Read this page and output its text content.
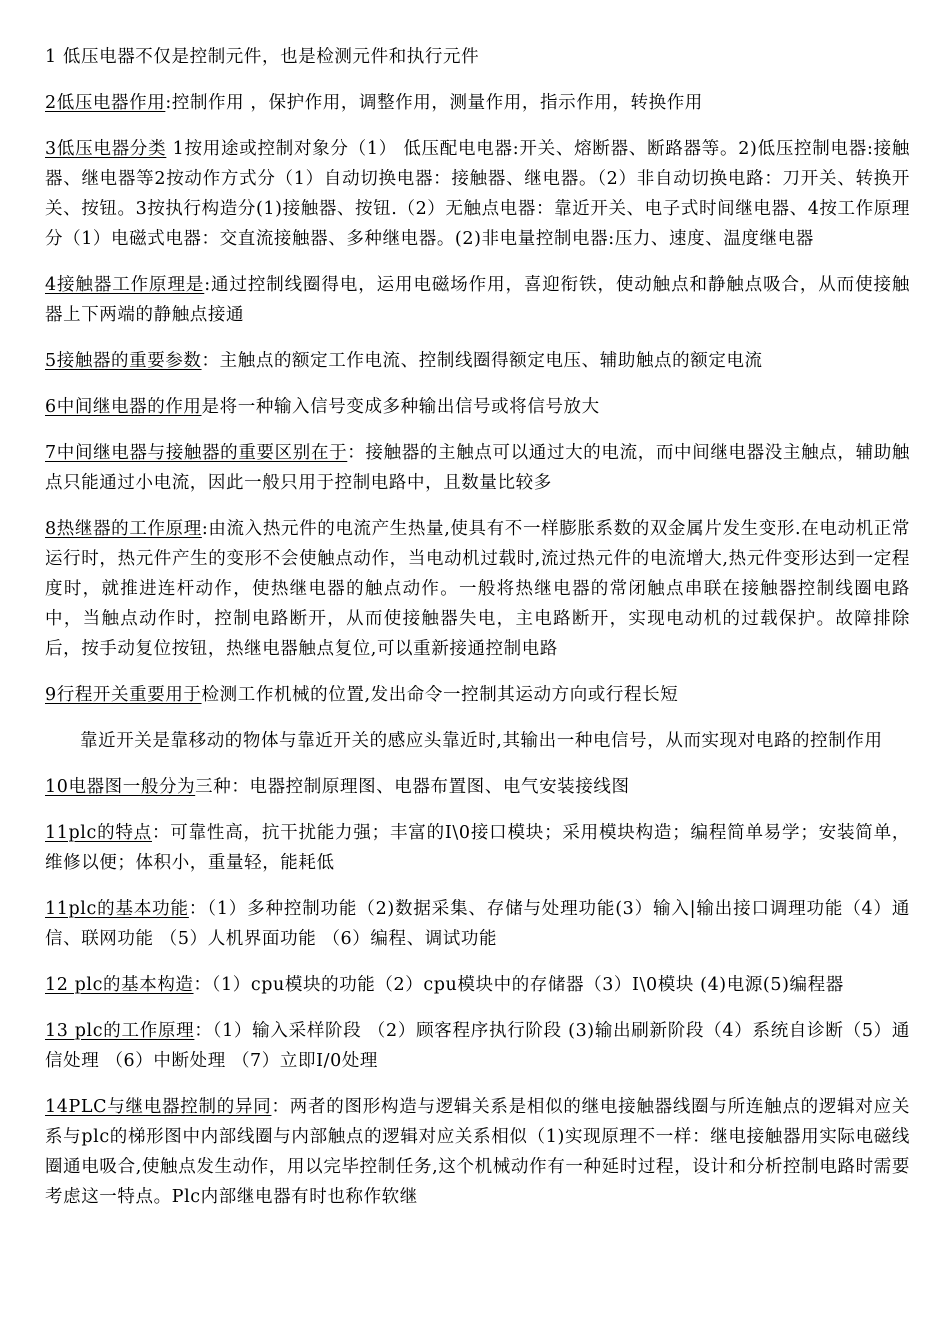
1 低压电器不仅是控制元件，也是检测元件和执行元件

2低压电器作用:控制作用 ，保护作用，调整作用，测量作用，指示作用，转换作用

3低压电器分类 1按用途或控制对象分（1） 低压配电电器:开关、熔断器、断路器等。2)低压控制电器:接触器、继电器等2按动作方式分（1）自动切换电器：接触器、继电器。（2）非自动切换电路：刀开关、转换开关、按钮。3按执行构造分(1)接触器、按钮.（2）无触点电器：靠近开关、电子式时间继电器、4按工作原理分（1）电磁式电器：交直流接触器、多种继电器。(2)非电量控制电器:压力、速度、温度继电器

4接触器工作原理是:通过控制线圈得电，运用电磁场作用，喜迎衔铁，使动触点和静触点吸合，从而使接触器上下两端的静触点接通

5接触器的重要参数：主触点的额定工作电流、控制线圈得额定电压、辅助触点的额定电流

6中间继电器的作用是将一种输入信号变成多种输出信号或将信号放大

7中间继电器与接触器的重要区别在于：接触器的主触点可以通过大的电流，而中间继电器没主触点，辅助触点只能通过小电流，因此一般只用于控制电路中，且数量比较多

8热继器的工作原理:由流入热元件的电流产生热量,使具有不一样膨胀系数的双金属片发生变形.在电动机正常运行时，热元件产生的变形不会使触点动作，当电动机过载时,流过热元件的电流增大,热元件变形达到一定程度时，就推进连杆动作，使热继电器的触点动作。一般将热继电器的常闭触点串联在接触器控制线圈电路中，当触点动作时，控制电路断开，从而使接触器失电，主电路断开，实现电动机的过载保护。故障排除后，按手动复位按钮，热继电器触点复位,可以重新接通控制电路

9行程开关重要用于检测工作机械的位置,发出命令一控制其运动方向或行程长短

靠近开关是靠移动的物体与靠近开关的感应头靠近时,其输出一种电信号，从而实现对电路的控制作用

10电器图一般分为三种：电器控制原理图、电器布置图、电气安装接线图

11plc的特点：可靠性高，抗干扰能力强；丰富的I\0接口模块；采用模块构造；编程简单易学；安装简单，维修以便；体积小，重量轻，能耗低

11plc的基本功能：（1）多种控制功能（2)数据采集、存储与处理功能(3）输入|输出接口调理功能（4）通信、联网功能 （5）人机界面功能 （6）编程、调试功能

12 plc的基本构造：（1）cpu模块的功能（2）cpu模块中的存储器（3）I\0模块 (4)电源(5)编程器

13 plc的工作原理：（1）输入采样阶段 （2）顾客程序执行阶段 (3)输出刷新阶段（4）系统自诊断（5）通信处理 （6）中断处理 （7）立即I/0处理

14PLC与继电器控制的异同：两者的图形构造与逻辑关系是相似的继电接触器线圈与所连触点的逻辑对应关系与plc的梯形图中内部线圈与内部触点的逻辑对应关系相似（1)实现原理不一样：继电接触器用实际电磁线圈通电吸合,使触点发生动作，用以完毕控制任务,这个机械动作有一种延时过程，设计和分析控制电路时需要考虑这一特点。Plc内部继电器有时也称作软继
